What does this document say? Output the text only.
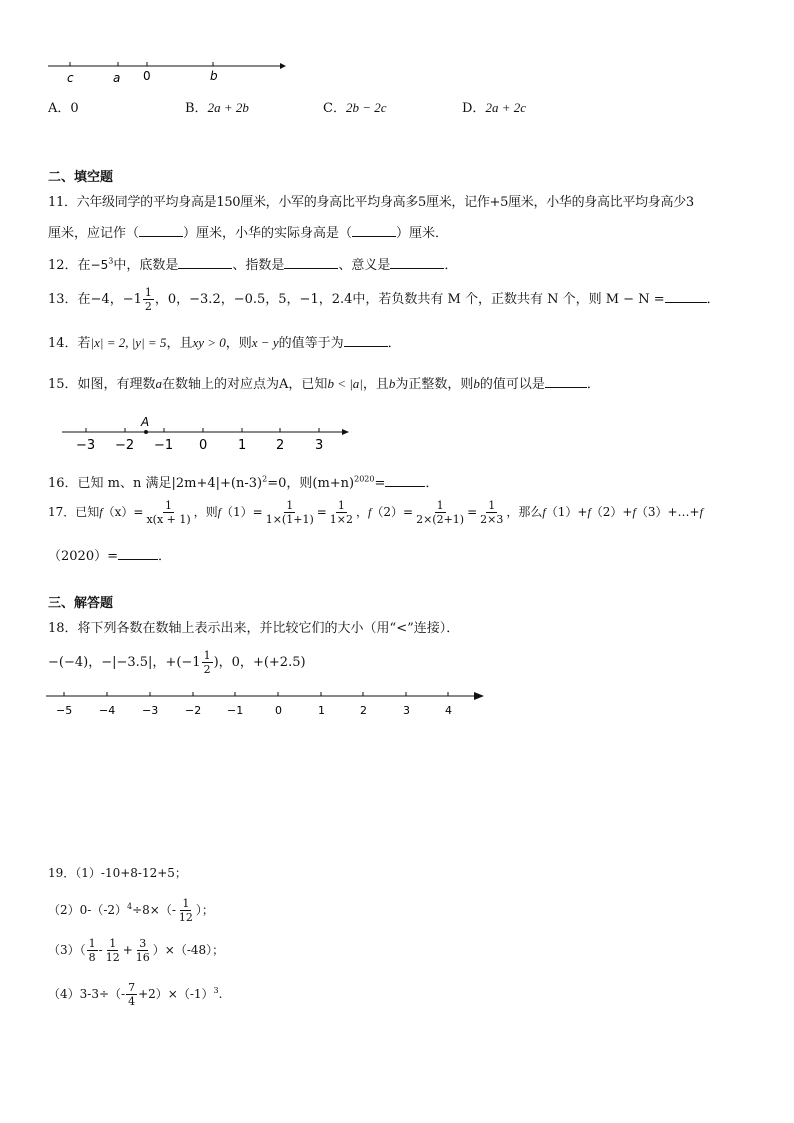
c	a 0	b
A．0	B．2a + 2b	C．2b − 2c	D．2a + 2c
二、填空题
11．六年级同学的平均身高是150厘米，小军的身高比平均身高多5厘米，记作+5厘米，小华的身高比平均身高少3
厘米，应记作（	）厘米，小华的实际身高是（	）厘米．
12．在$-5^3$中，底数是	、指数是	、意义是	．
13．在−4，$-1 \frac{1}{2}$ ，0，−3.2，−0.5，5，−1，2.4中，若负数共有 M 个，正数共有 N 个，则 M − N =	．
14．若|x| = 2, |y| = 5，且xy > 0，则x − y的值等于为	．
15．如图，有理数a在数轴上的对应点为A，已知b < |a|，且b为正整数，则b的值可以是	．
A
−3 −2 −1 0 1 2 3
16．已知 m、n 满足$|2m+4|+(n-3)^2=0$，则$(m+n)^{2020}=$	．
17．已知$f(x)= \frac{1}{x(x + 1)}$ ，则$f(1)= \frac{1}{1\times(1+1)} = \frac{1}{1\times 2}$ ，$f(2)= \frac{1}{2\times(2+1)} = \frac{1}{2\times 3}$ ，那么f（1）+f（2）+f（3）+…+f
（2020）=	．
三、解答题
18．将下列各数在数轴上表示出来，并比较它们的大小（用“<”连接）．
−(−4)，−|−3.5|，$+(-1 \frac{1}{2}$ )，0，+(+2.5)
−5 −4 −3 −2 −1	0	1	2	3	4
19．（1）-10+8-12+5；
$(2)0-(-2)^4\div 8\times(- \frac{1}{12}$ ）；
$(3)( \frac{1}{8} - \frac{1}{12} + \frac{3}{16} )\times(-48)$；
$(4)3-3\div(- \frac{7}{4} +2)\times(-1)^3$.
